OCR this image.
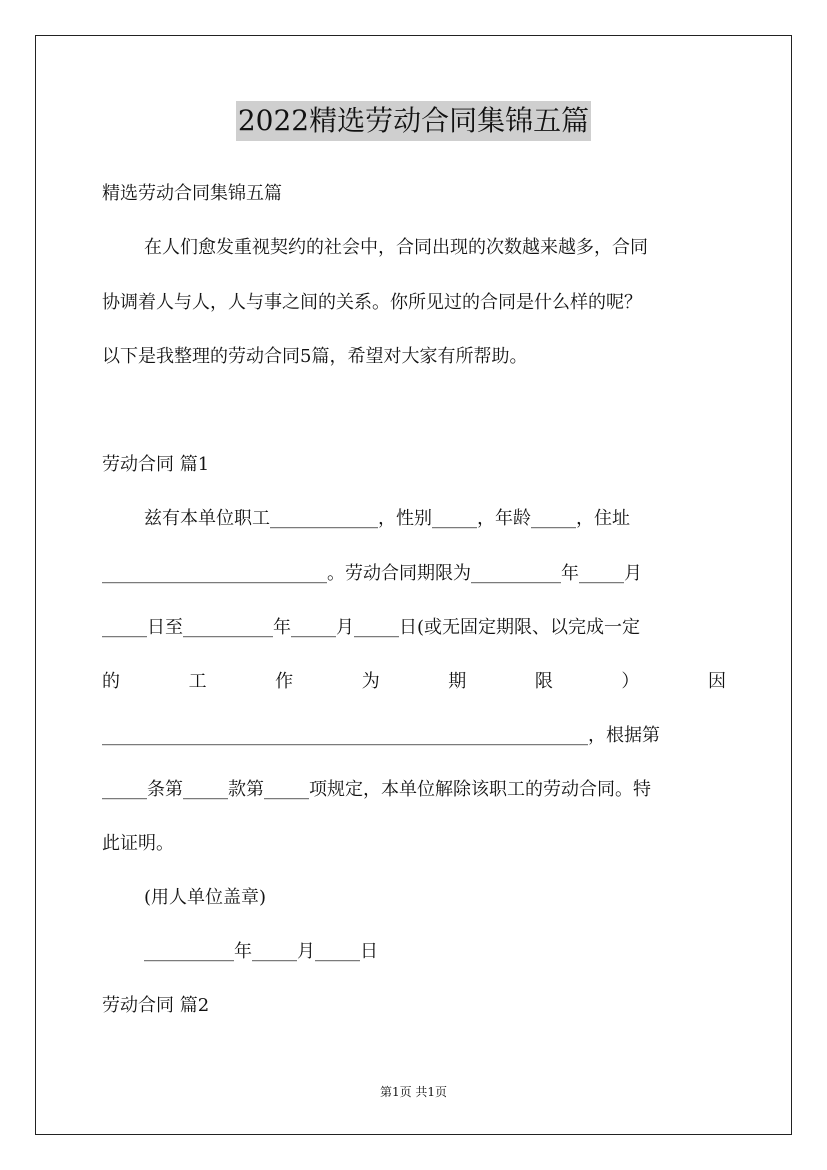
2022精选劳动合同集锦五篇
精选劳动合同集锦五篇
在人们愈发重视契约的社会中，合同出现的次数越来越多，合同
协调着人与人，人与事之间的关系。你所见过的合同是什么样的呢？
以下是我整理的劳动合同5篇，希望对大家有所帮助。
劳动合同 篇1
兹有本单位职工____________，性别_____，年龄_____，住址
_________________________。劳动合同期限为__________年_____月
_____日至__________年_____月_____日(或无固定期限、以完成一定
的	工	作	为	期	限	）	因
______________________________________________________，根据第
_____条第_____款第_____项规定，本单位解除该职工的劳动合同。特
此证明。
(用人单位盖章)
__________年_____月_____日
劳动合同 篇2
第1页 共1页
